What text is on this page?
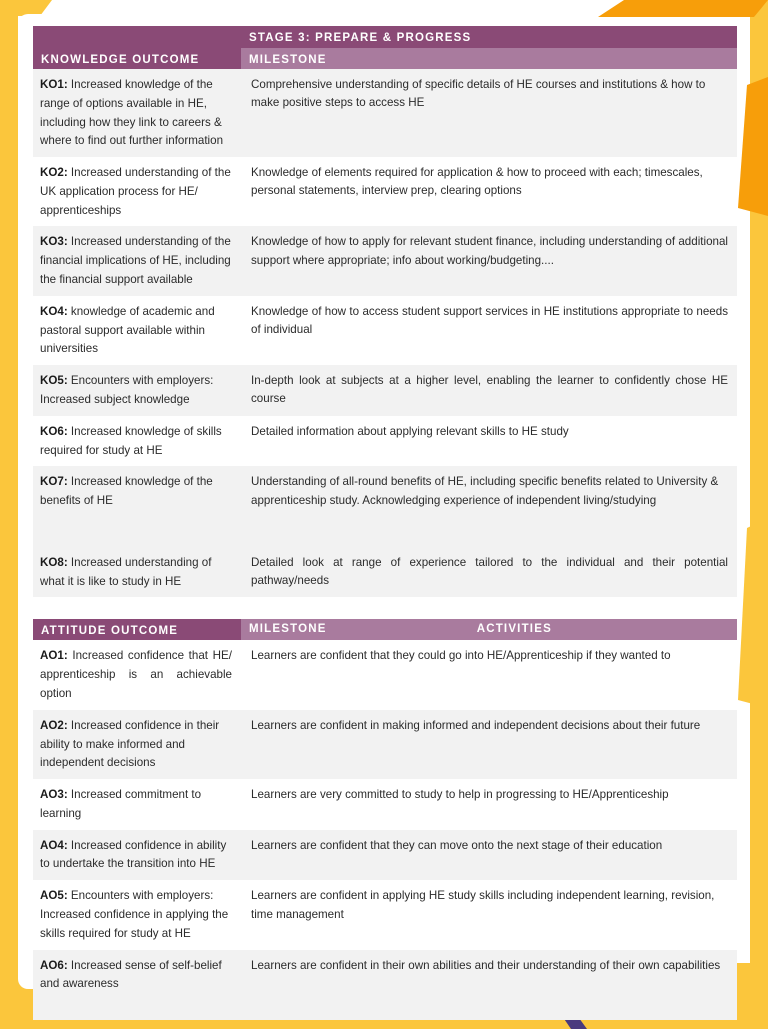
	STAGE 3: PREPARE & PROGRESS
KNOWLEDGE OUTCOME	MILESTONE
KO1: Increased knowledge of the range of options available in HE, including how they link to careers & where to find out further information	Comprehensive understanding of specific details of HE courses and institutions & how to make positive steps to access HE
KO2: Increased understanding of the UK application process for HE/ apprenticeships	Knowledge of elements required for application & how to proceed with each; timescales, personal statements, interview prep, clearing options
KO3: Increased understanding of the financial implications of HE, including the financial support available	Knowledge of how to apply for relevant student finance, including understanding of additional support where appropriate; info about working/budgeting....
KO4: knowledge of academic and pastoral support available within universities	Knowledge of how to access student support services in HE institutions appropriate to needs of individual
KO5: Encounters with employers: Increased subject knowledge	In-depth look at subjects at a higher level, enabling the learner to confidently chose HE course
KO6: Increased knowledge of skills required for study at HE	Detailed information about applying relevant skills to HE study
KO7: Increased knowledge of the benefits of HE	Understanding of all-round benefits of HE, including specific benefits related to University & apprenticeship study. Acknowledging experience of independent living/studying

KO8: Increased understanding of what it is like to study in HE	Detailed look at range of experience tailored to the individual and their potential pathway/needs
ATTITUDE OUTCOME	MILESTONE ACTIVITIES

AO1: Increased confidence that HE/ apprenticeship is an achievable option	Learners are confident that they could go into HE/Apprenticeship if they wanted to
AO2: Increased confidence in their ability to make informed and independent decisions	Learners are confident in making informed and independent decisions about their future
AO3: Increased commitment to learning	Learners are very committed to study to help in progressing to HE/Apprenticeship
AO4: Increased confidence in ability to undertake the transition into HE	Learners are confident that they can move onto the next stage of their education
AO5: Encounters with employers: Increased confidence in applying the skills required for study at HE	Learners are confident in applying HE study skills including independent learning, revision, time management
AO6: Increased sense of self-belief and awareness	Learners are confident in their own abilities and their understanding of their own capabilities
